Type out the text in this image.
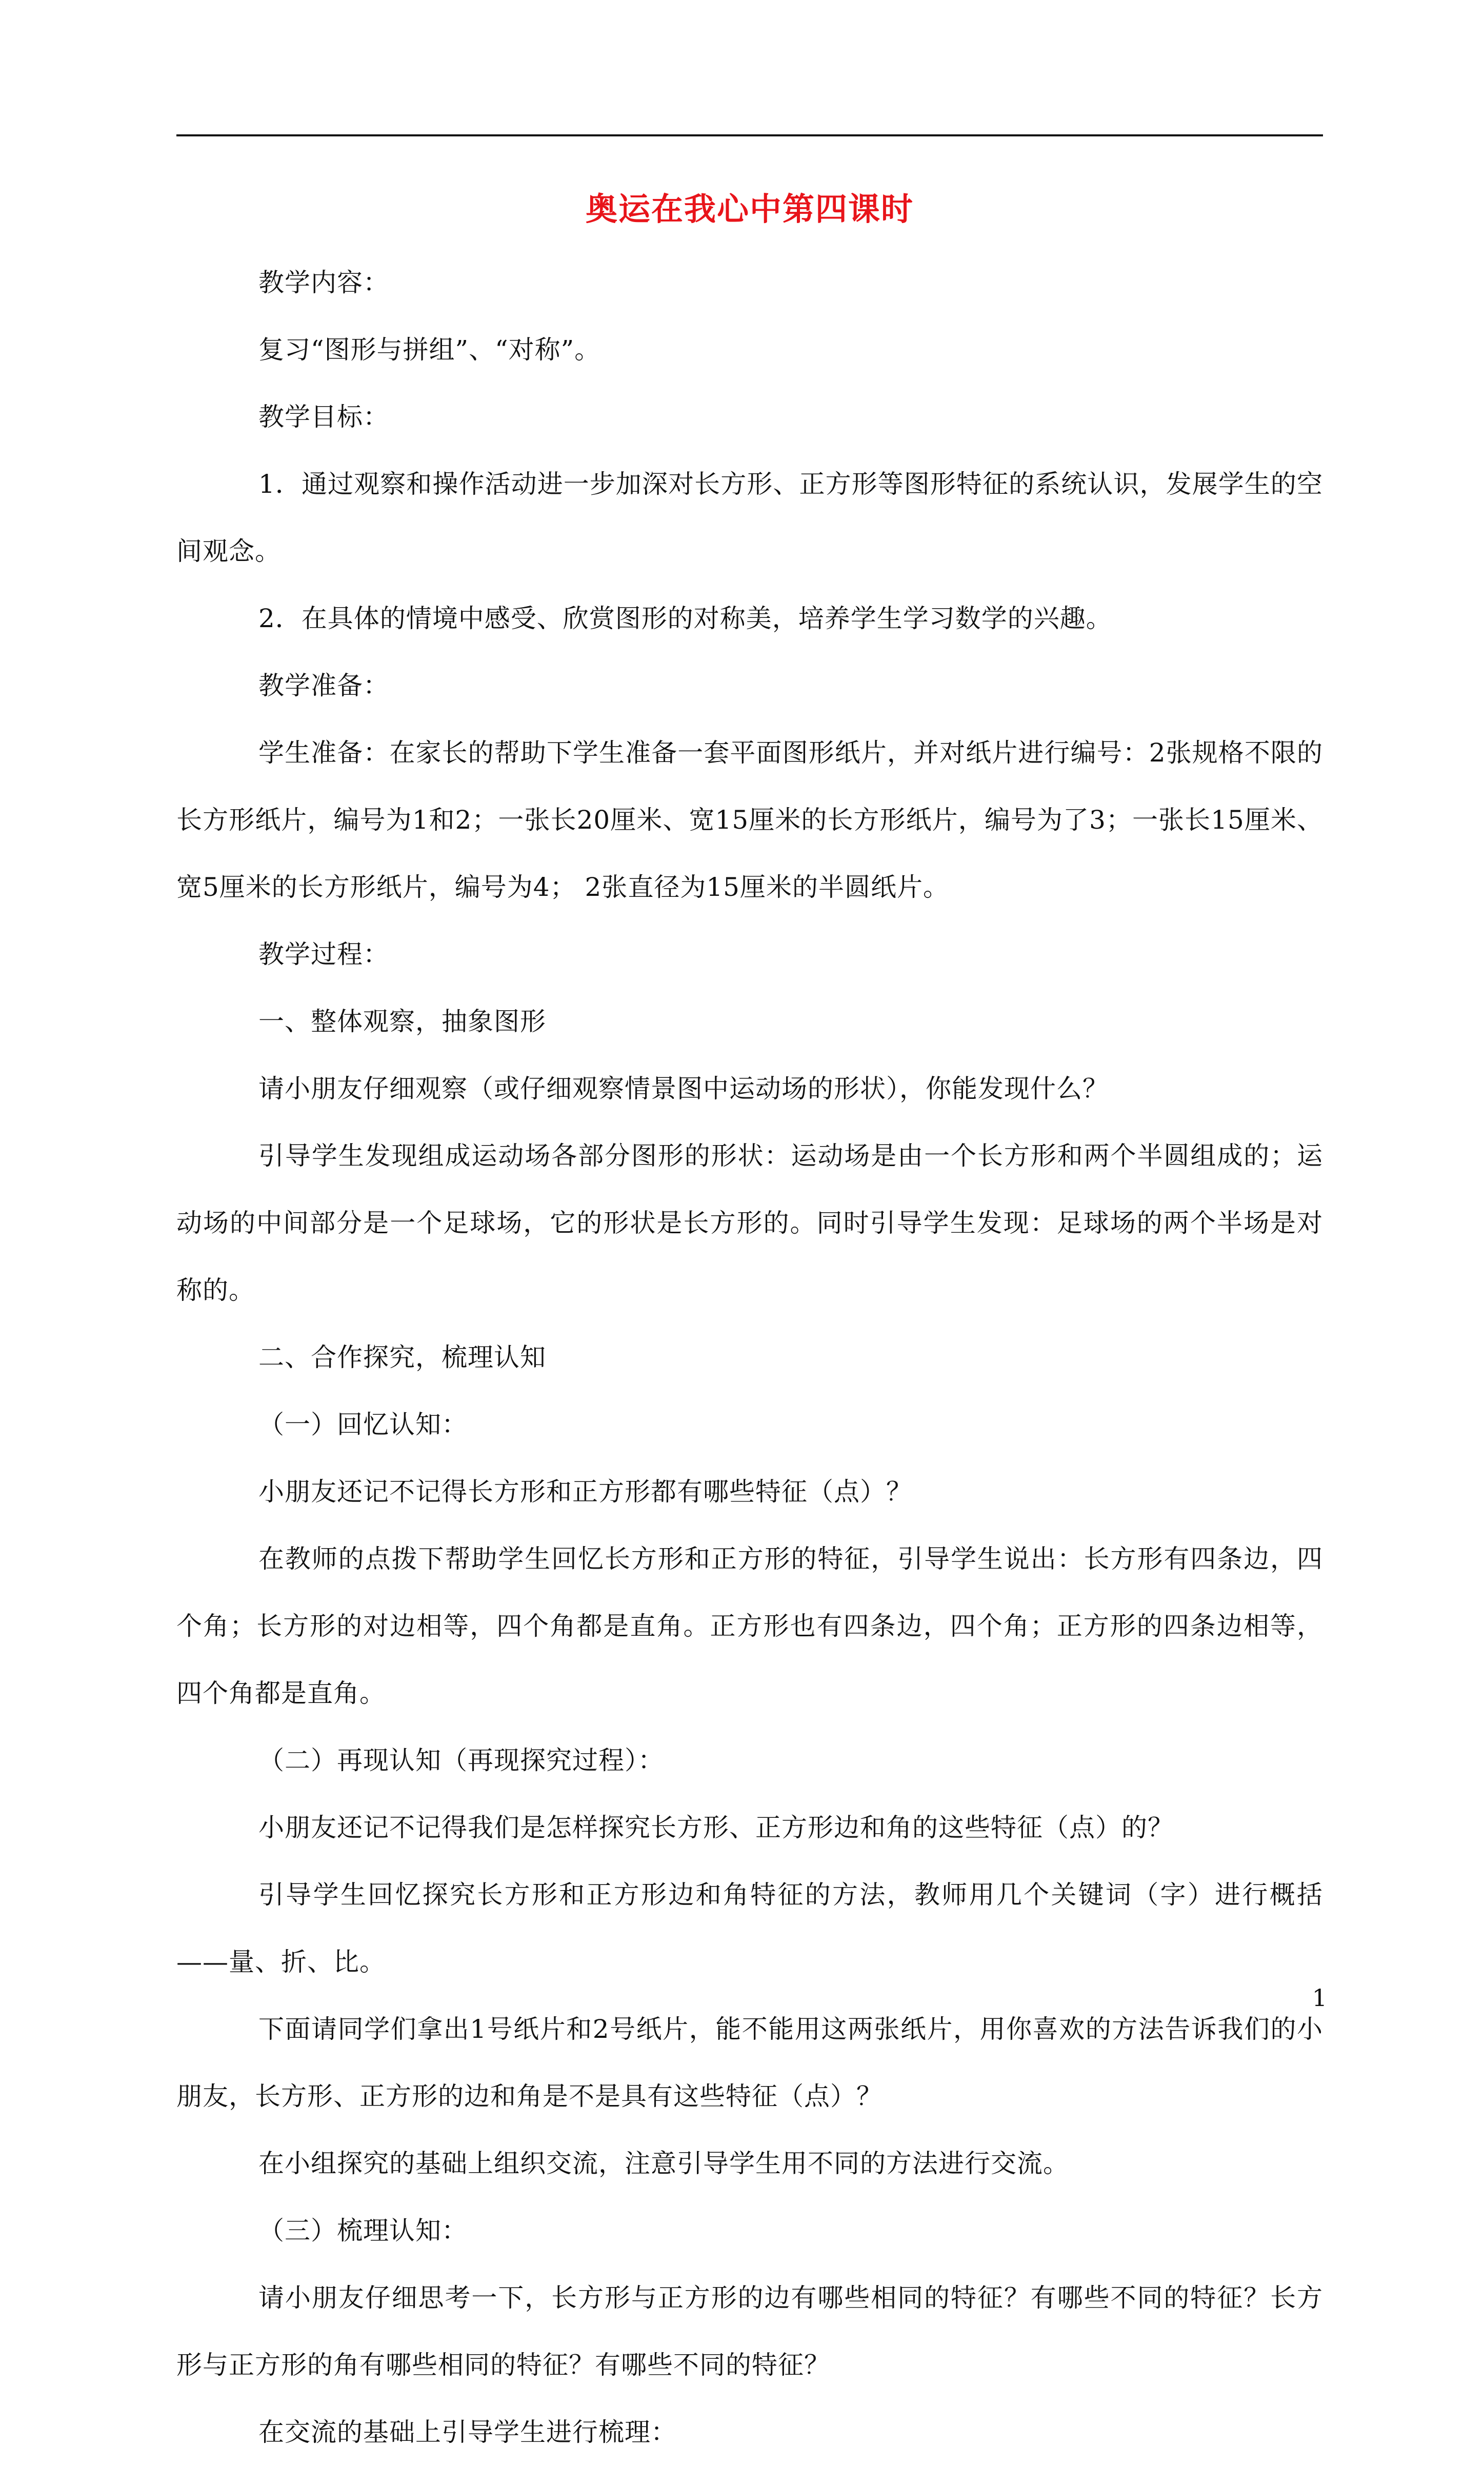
奥运在我心中第四课时

教学内容：

复习“图形与拼组”、“对称”。

教学目标：

1．通过观察和操作活动进一步加深对长方形、正方形等图形特征的系统认识，发展学生的空间观念。

2．在具体的情境中感受、欣赏图形的对称美，培养学生学习数学的兴趣。

教学准备：

学生准备：在家长的帮助下学生准备一套平面图形纸片，并对纸片进行编号：2张规格不限的长方形纸片，编号为1和2；一张长20厘米、宽15厘米的长方形纸片，编号为了3；一张长15厘米、宽5厘米的长方形纸片，编号为4； 2张直径为15厘米的半圆纸片。

教学过程：

一、整体观察，抽象图形

请小朋友仔细观察（或仔细观察情景图中运动场的形状），你能发现什么？

引导学生发现组成运动场各部分图形的形状：运动场是由一个长方形和两个半圆组成的；运动场的中间部分是一个足球场，它的形状是长方形的。同时引导学生发现：足球场的两个半场是对称的。

二、合作探究，梳理认知

（一）回忆认知：

小朋友还记不记得长方形和正方形都有哪些特征（点）？

在教师的点拨下帮助学生回忆长方形和正方形的特征，引导学生说出：长方形有四条边，四个角；长方形的对边相等，四个角都是直角。正方形也有四条边，四个角；正方形的四条边相等，四个角都是直角。

（二）再现认知（再现探究过程）：

小朋友还记不记得我们是怎样探究长方形、正方形边和角的这些特征（点）的？

引导学生回忆探究长方形和正方形边和角特征的方法，教师用几个关键词（字）进行概括——量、折、比。

下面请同学们拿出1号纸片和2号纸片，能不能用这两张纸片，用你喜欢的方法告诉我们的小朋友，长方形、正方形的边和角是不是具有这些特征（点）？

在小组探究的基础上组织交流，注意引导学生用不同的方法进行交流。

（三）梳理认知：

请小朋友仔细思考一下，长方形与正方形的边有哪些相同的特征？有哪些不同的特征？长方形与正方形的角有哪些相同的特征？有哪些不同的特征？

在交流的基础上引导学生进行梳理：

1
